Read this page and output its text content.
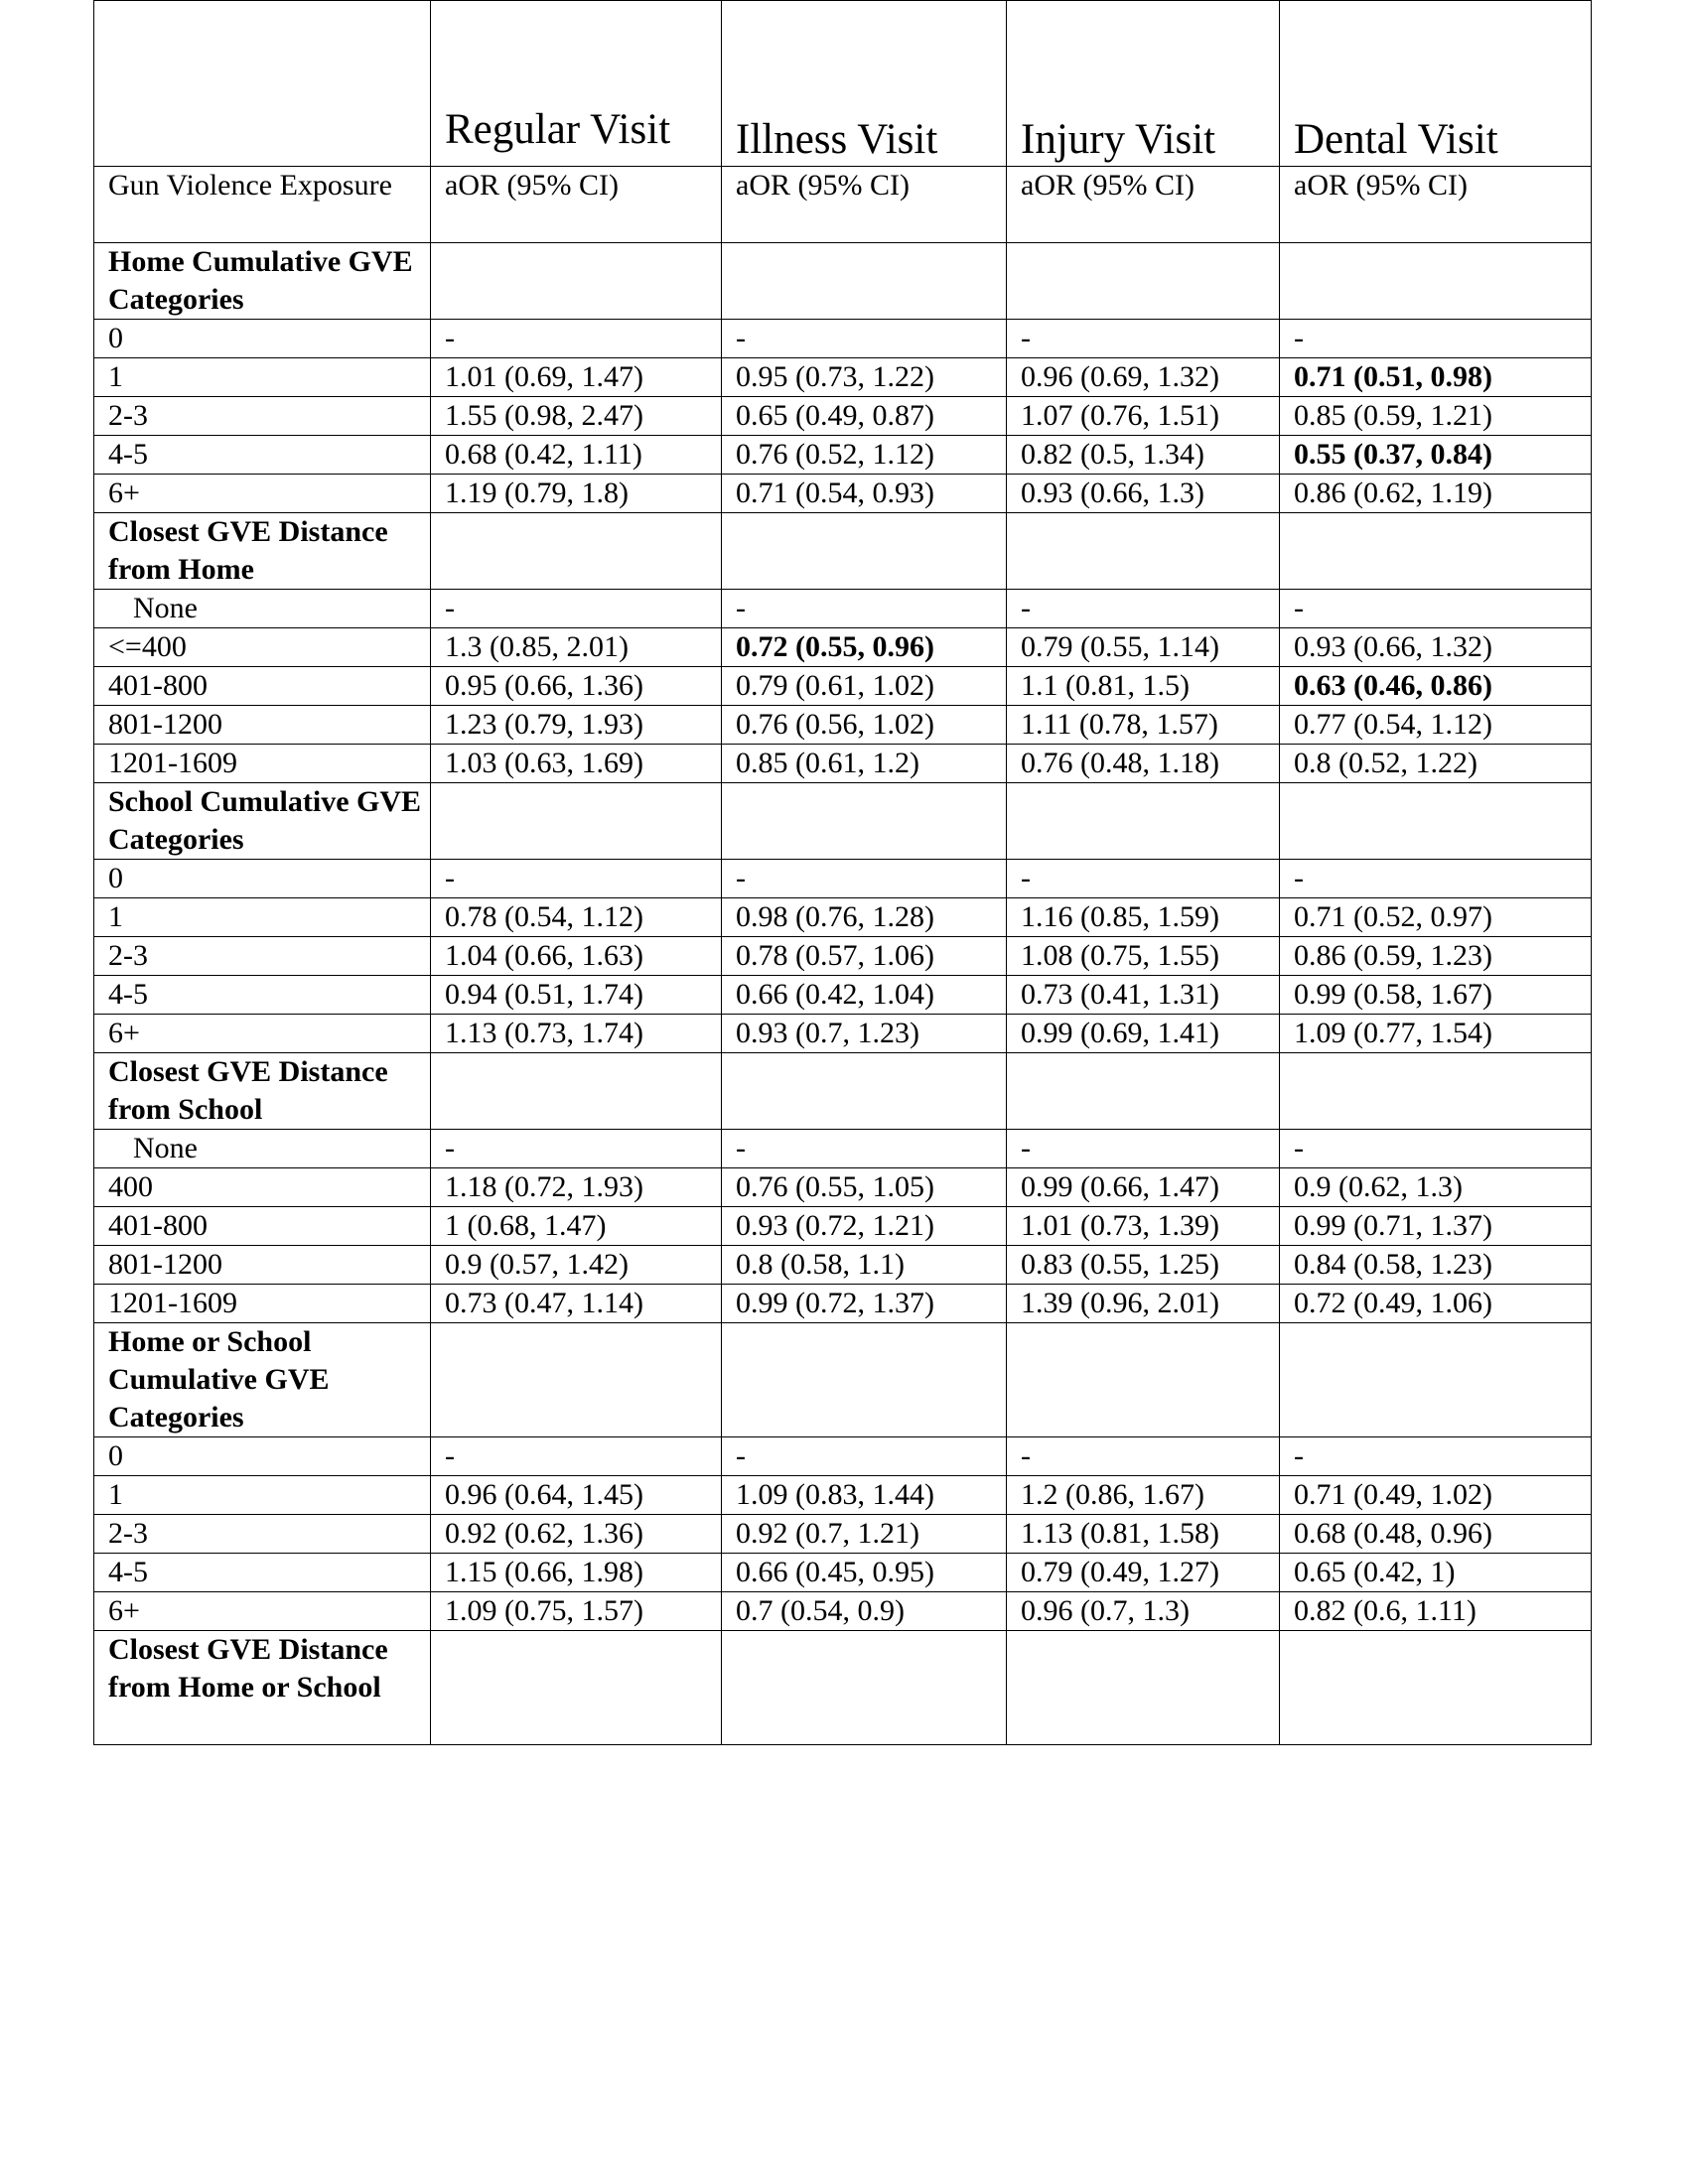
	Regular Visit	Illness Visit	Injury Visit	Dental Visit
Gun Violence Exposure	aOR (95% CI)	aOR (95% CI)	aOR (95% CI)	aOR (95% CI)
Home Cumulative GVE Categories				
0	-	-	-	-
1	1.01 (0.69, 1.47)	0.95 (0.73, 1.22)	0.96 (0.69, 1.32)	0.71 (0.51, 0.98)
2-3	1.55 (0.98, 2.47)	0.65 (0.49, 0.87)	1.07 (0.76, 1.51)	0.85 (0.59, 1.21)
4-5	0.68 (0.42, 1.11)	0.76 (0.52, 1.12)	0.82 (0.5, 1.34)	0.55 (0.37, 0.84)
6+	1.19 (0.79, 1.8)	0.71 (0.54, 0.93)	0.93 (0.66, 1.3)	0.86 (0.62, 1.19)
Closest GVE Distance from Home				
None	-	-	-	-
<=400	1.3 (0.85, 2.01)	0.72 (0.55, 0.96)	0.79 (0.55, 1.14)	0.93 (0.66, 1.32)
401-800	0.95 (0.66, 1.36)	0.79 (0.61, 1.02)	1.1 (0.81, 1.5)	0.63 (0.46, 0.86)
801-1200	1.23 (0.79, 1.93)	0.76 (0.56, 1.02)	1.11 (0.78, 1.57)	0.77 (0.54, 1.12)
1201-1609	1.03 (0.63, 1.69)	0.85 (0.61, 1.2)	0.76 (0.48, 1.18)	0.8 (0.52, 1.22)
School Cumulative GVE Categories				
0	-	-	-	-
1	0.78 (0.54, 1.12)	0.98 (0.76, 1.28)	1.16 (0.85, 1.59)	0.71 (0.52, 0.97)
2-3	1.04 (0.66, 1.63)	0.78 (0.57, 1.06)	1.08 (0.75, 1.55)	0.86 (0.59, 1.23)
4-5	0.94 (0.51, 1.74)	0.66 (0.42, 1.04)	0.73 (0.41, 1.31)	0.99 (0.58, 1.67)
6+	1.13 (0.73, 1.74)	0.93 (0.7, 1.23)	0.99 (0.69, 1.41)	1.09 (0.77, 1.54)
Closest GVE Distance from School				
None	-	-	-	-
400	1.18 (0.72, 1.93)	0.76 (0.55, 1.05)	0.99 (0.66, 1.47)	0.9 (0.62, 1.3)
401-800	1 (0.68, 1.47)	0.93 (0.72, 1.21)	1.01 (0.73, 1.39)	0.99 (0.71, 1.37)
801-1200	0.9 (0.57, 1.42)	0.8 (0.58, 1.1)	0.83 (0.55, 1.25)	0.84 (0.58, 1.23)
1201-1609	0.73 (0.47, 1.14)	0.99 (0.72, 1.37)	1.39 (0.96, 2.01)	0.72 (0.49, 1.06)
Home or School Cumulative GVE Categories				
0	-	-	-	-
1	0.96 (0.64, 1.45)	1.09 (0.83, 1.44)	1.2 (0.86, 1.67)	0.71 (0.49, 1.02)
2-3	0.92 (0.62, 1.36)	0.92 (0.7, 1.21)	1.13 (0.81, 1.58)	0.68 (0.48, 0.96)
4-5	1.15 (0.66, 1.98)	0.66 (0.45, 0.95)	0.79 (0.49, 1.27)	0.65 (0.42, 1)
6+	1.09 (0.75, 1.57)	0.7 (0.54, 0.9)	0.96 (0.7, 1.3)	0.82 (0.6, 1.11)
Closest GVE Distance from Home or School				
